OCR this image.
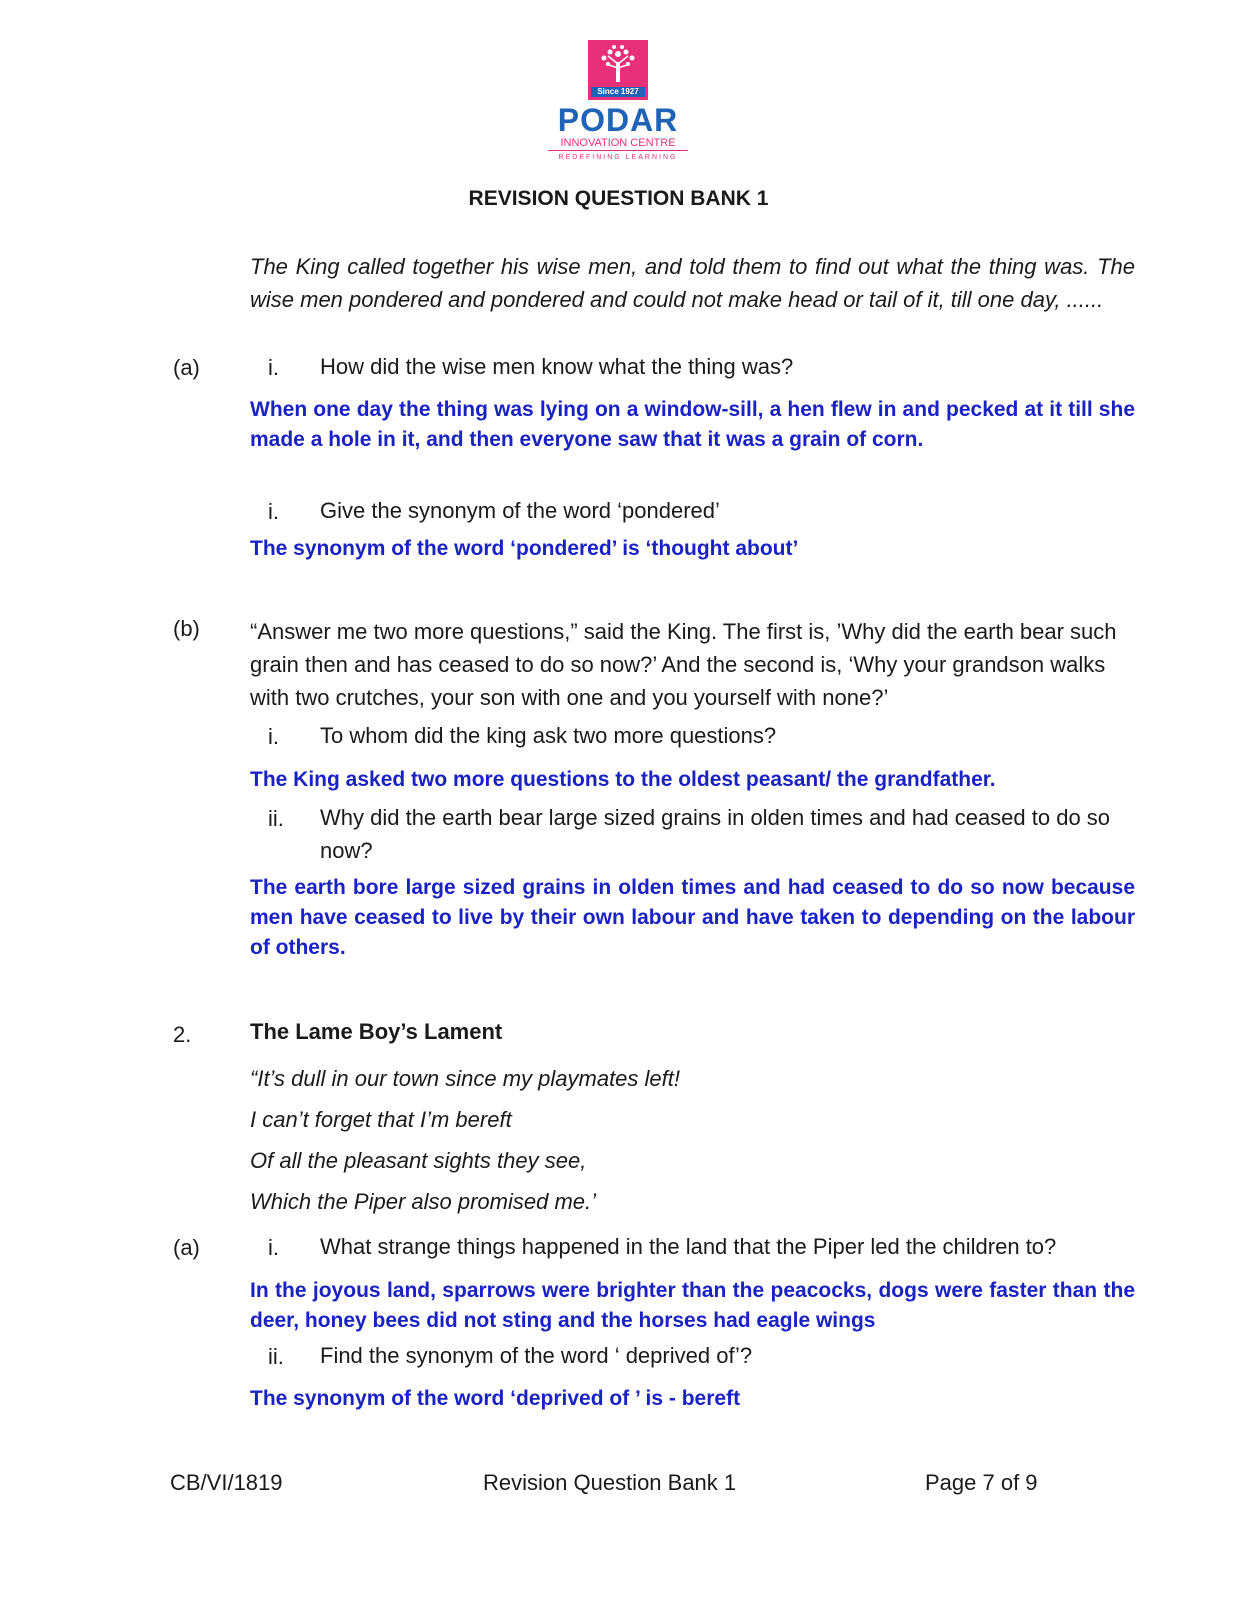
Since 1927
PODAR
INNOVATION CENTRE
REDEFINING LEARNING
REVISION QUESTION BANK 1
The King called together his wise men, and told them to find out what the thing was. The wise men pondered and pondered and could not make head or tail of it, till one day, ......
(a)	i. How did the wise men know what the thing was?
When one day the thing was lying on a window-sill, a hen flew in and pecked at it till she made a hole in it, and then everyone saw that it was a grain of corn.
i. Give the synonym of the word ‘pondered’
The synonym of the word ‘pondered’ is ‘thought about’
(b) “Answer me two more questions,” said the King. The first is, ’Why did the earth bear such grain then and has ceased to do so now?’ And the second is, ‘Why your grandson walks with two crutches, your son with one and you yourself with none?’
i. To whom did the king ask two more questions?
The King asked two more questions to the oldest peasant/ the grandfather.
ii. Why did the earth bear large sized grains in olden times and had ceased to do so now?
The earth bore large sized grains in olden times and had ceased to do so now because men have ceased to live by their own labour and have taken to depending on the labour of others.
2.	The Lame Boy’s Lament
“It’s dull in our town since my playmates left!
I can’t forget that I’m bereft
Of all the pleasant sights they see,
Which the Piper also promised me.’
(a)	i. What strange things happened in the land that the Piper led the children to?
In the joyous land, sparrows were brighter than the peacocks, dogs were faster than the deer, honey bees did not sting and the horses had eagle wings
ii. Find the synonym of the word ‘ deprived of’?
The synonym of the word ‘deprived of ’ is - bereft
CB/VI/1819	Revision Question Bank 1	Page 7 of 9
